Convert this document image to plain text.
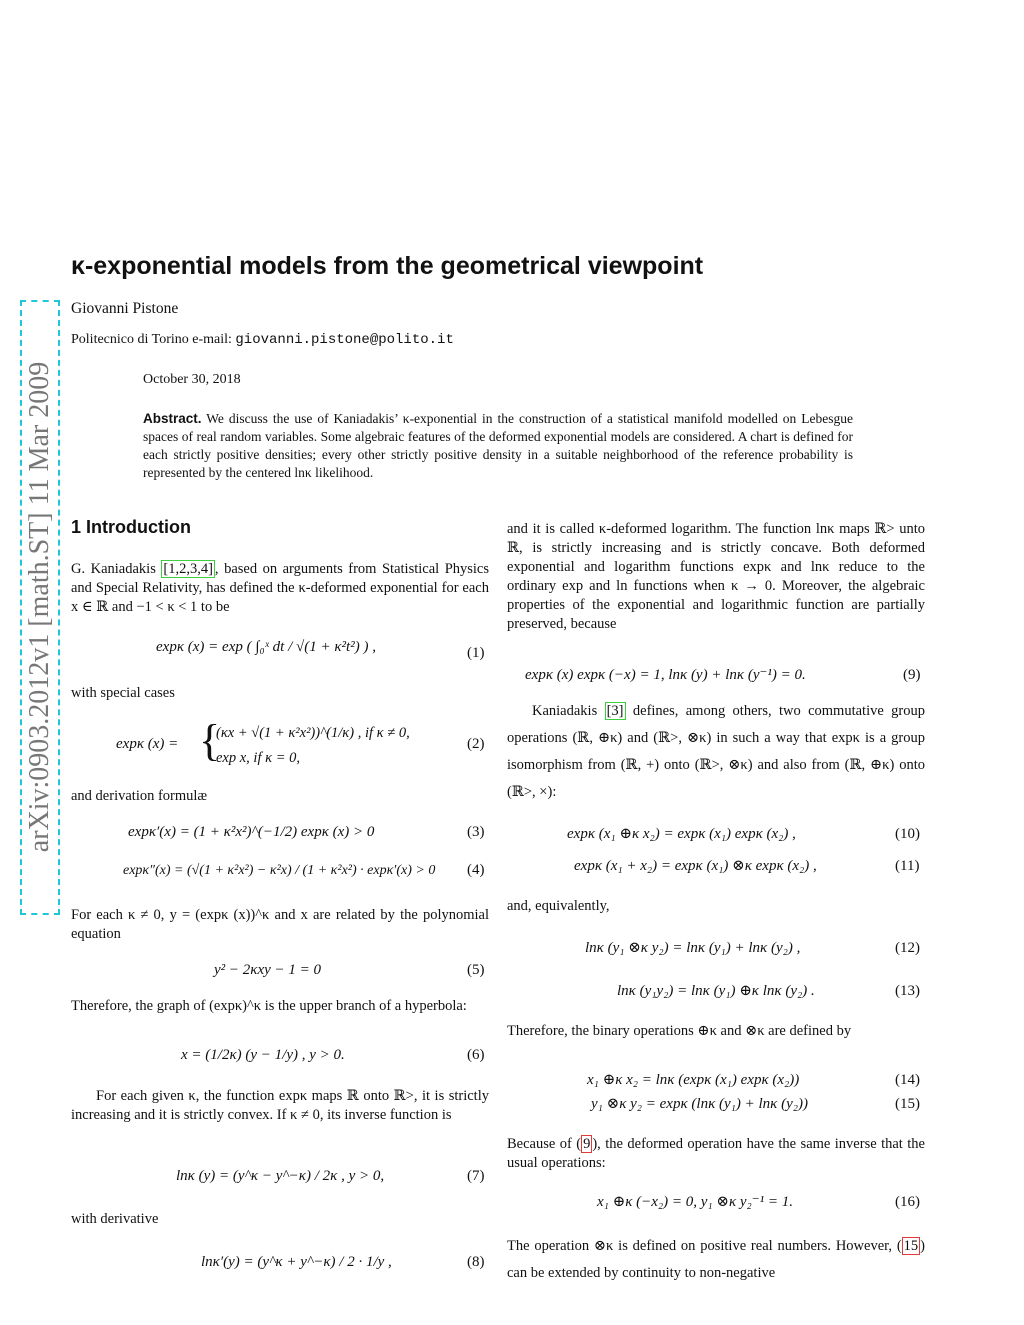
arXiv:0903.2012v1 [math.ST] 11 Mar 2009
κ-exponential models from the geometrical viewpoint
Giovanni Pistone
Politecnico di Torino e-mail: giovanni.pistone@polito.it
October 30, 2018
Abstract. We discuss the use of Kaniadakis’ κ-exponential in the construction of a statistical manifold modelled on Lebesgue spaces of real random variables. Some algebraic features of the deformed exponential models are considered. A chart is defined for each strictly positive densities; every other strictly positive density in a suitable neighborhood of the reference probability is represented by the centered lnκ likelihood.
1 Introduction
G. Kaniadakis [1,2,3,4] , based on arguments from Statistical Physics and Special Relativity, has defined the κ-deformed exponential for each x ∈ ℝ and −1 < κ < 1 to be
expκ (x) = exp ( ∫₀ˣ dt / √(1 + κ²t²) ) ,	(1)
with special cases
expκ (x) = {
(κx + √(1 + κ²x²))^(1/κ) , if κ ≠ 0,
exp x, if κ = 0,
(2)
and derivation formulæ
expκ′(x) = (1 + κ²x²)^(−1/2) expκ (x) > 0	(3)
expκ″(x) = (√(1 + κ²x²) − κ²x) / (1 + κ²x²) · expκ′(x) > 0 (4)
For each κ ≠ 0, y = (expκ (x))^κ and x are related by the polynomial equation
y² − 2κxy − 1 = 0	(5)
Therefore, the graph of (expκ)^κ is the upper branch of a hyperbola:
x = (1/2κ) (y − 1/y) , y > 0.	(6)
For each given κ, the function expκ maps ℝ onto ℝ>, it is strictly increasing and it is strictly convex. If κ ≠ 0, its inverse function is
lnκ (y) = (y^κ − y^−κ) / 2κ , y > 0,	(7)
with derivative
lnκ′(y) = (y^κ + y^−κ) / 2 · 1/y ,	(8)
and it is called κ-deformed logarithm. The function lnκ maps ℝ> unto ℝ, is strictly increasing and is strictly concave. Both deformed exponential and logarithm functions expκ and lnκ reduce to the ordinary exp and ln functions when κ → 0. Moreover, the algebraic properties of the exponential and logarithmic function are partially preserved, because
expκ (x) expκ (−x) = 1, lnκ (y) + lnκ (y⁻¹) = 0.	(9)
Kaniadakis [3] defines, among others, two commutative group operations (ℝ, ⊕κ) and (ℝ>, ⊗κ) in such a way that expκ is a group isomorphism from (ℝ, +) onto (ℝ>, ⊗κ) and also from (ℝ, ⊕κ) onto (ℝ>, ×):
expκ (x₁ ⊕κ x₂) = expκ (x₁) expκ (x₂) ,	(10)
expκ (x₁ + x₂) = expκ (x₁) ⊗κ expκ (x₂) ,	(11)
and, equivalently,
lnκ (y₁ ⊗κ y₂) = lnκ (y₁) + lnκ (y₂) ,	(12)
lnκ (y₁y₂) = lnκ (y₁) ⊕κ lnκ (y₂) .	(13)
Therefore, the binary operations ⊕κ and ⊗κ are defined by
x₁ ⊕κ x₂ = lnκ (expκ (x₁) expκ (x₂))	(14)
y₁ ⊗κ y₂ = expκ (lnκ (y₁) + lnκ (y₂))	(15)
Because of ( 9 ), the deformed operation have the same inverse that the usual operations:
x₁ ⊕κ (−x₂) = 0, y₁ ⊗κ y₂⁻¹ = 1.	(16)
The operation ⊗κ is defined on positive real numbers. However, ( 15 ) can be extended by continuity to non-negative
